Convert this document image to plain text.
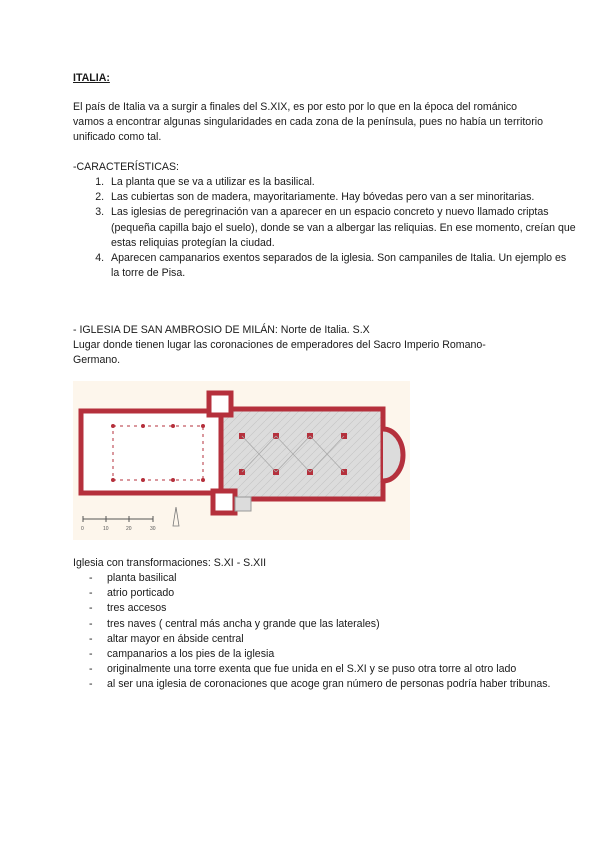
ITALIA:

El país de Italia va a surgir a finales del S.XIX, es por esto por lo que en la época del románico vamos a encontrar algunas singularidades en cada zona de la península, pues no había un territorio unificado como tal.

-CARACTERÍSTICAS:

1. La planta que se va a utilizar es la basilical.
2. Las cubiertas son de madera, mayoritariamente. Hay bóvedas pero van a ser minoritarias.
3. Las iglesias de peregrinación van a aparecer en un espacio concreto y nuevo llamado criptas (pequeña capilla bajo el suelo), donde se van a albergar las reliquias. En ese momento, creían que estas reliquias protegían la ciudad.
4. Aparecen campanarios exentos separados de la iglesia. Son campaniles de Italia. Un ejemplo es la torre de Pisa.

- IGLESIA DE SAN AMBROSIO DE MILÁN: Norte de Italia. S.X

Lugar donde tienen lugar las coronaciones de emperadores del Sacro Imperio Romano-Germano.

0	10	20	30

Iglesia con transformaciones: S.XI - S.XII

- planta basilical
- atrio porticado
- tres accesos
- tres naves ( central más ancha y grande que las laterales)
- altar mayor en ábside central
- campanarios a los pies de la iglesia
- originalmente una torre exenta que fue unida en el S.XI y se puso otra torre al otro lado
- al ser una iglesia de coronaciones que acoge gran número de personas podría haber tribunas.
